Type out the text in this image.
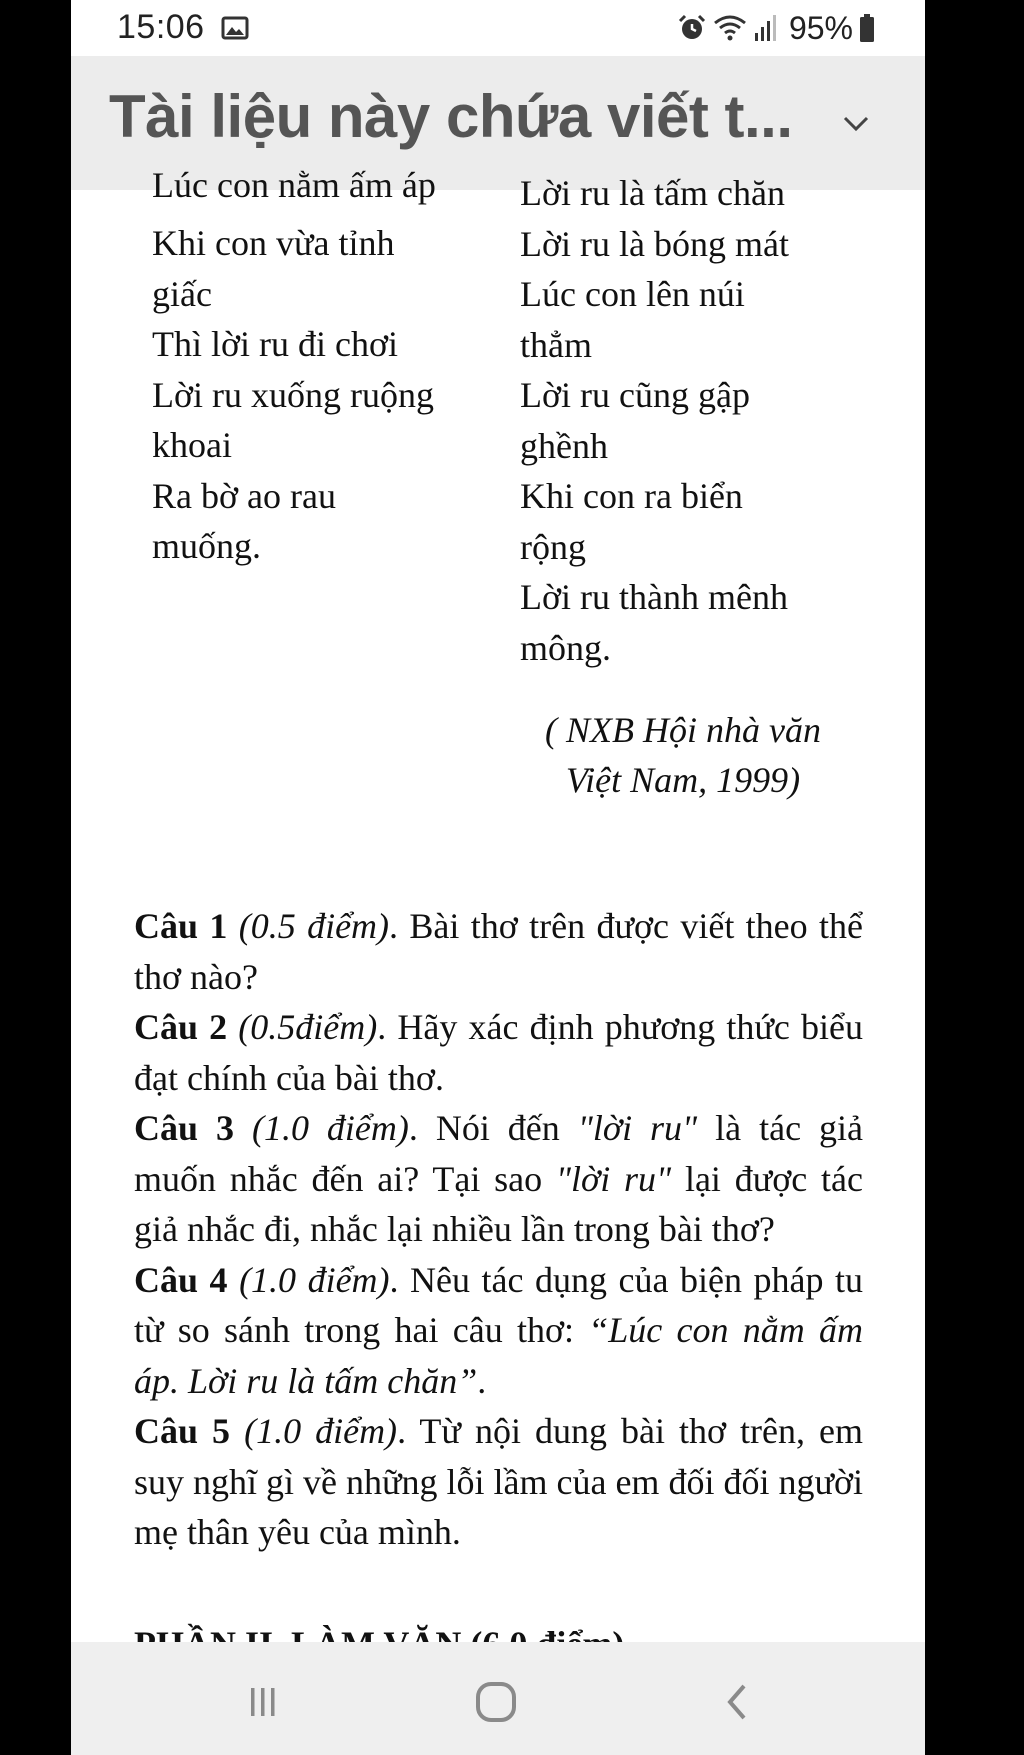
15:06	95%
Tài liệu này chứa viết t...
Lúc con nằm ấm áp
Khi con vừa tỉnh
giấc
Thì lời ru đi chơi
Lời ru xuống ruộng
khoai
Ra bờ ao rau
muống.
Lời ru là tấm chăn
Lời ru là bóng mát
Lúc con lên núi
thẳm
Lời ru cũng gập
ghềnh
Khi con ra biển
rộng
Lời ru thành mênh
mông.
( NXB Hội nhà văn
Việt Nam, 1999)

Câu 1 (0.5 điểm). Bài thơ trên được viết theo thể thơ nào?

Câu 2 (0.5điểm). Hãy xác định phương thức biểu đạt chính của bài thơ.

Câu 3 (1.0 điểm). Nói đến "lời ru" là tác giả muốn nhắc đến ai? Tại sao "lời ru" lại được tác giả nhắc đi, nhắc lại nhiều lần trong bài thơ?

Câu 4 (1.0 điểm). Nêu tác dụng của biện pháp tu từ so sánh trong hai câu thơ: “Lúc con nằm ấm áp. Lời ru là tấm chăn”.

Câu 5 (1.0 điểm). Từ nội dung bài thơ trên, em suy nghĩ gì về những lỗi lầm của em đối đối người mẹ thân yêu của mình.
